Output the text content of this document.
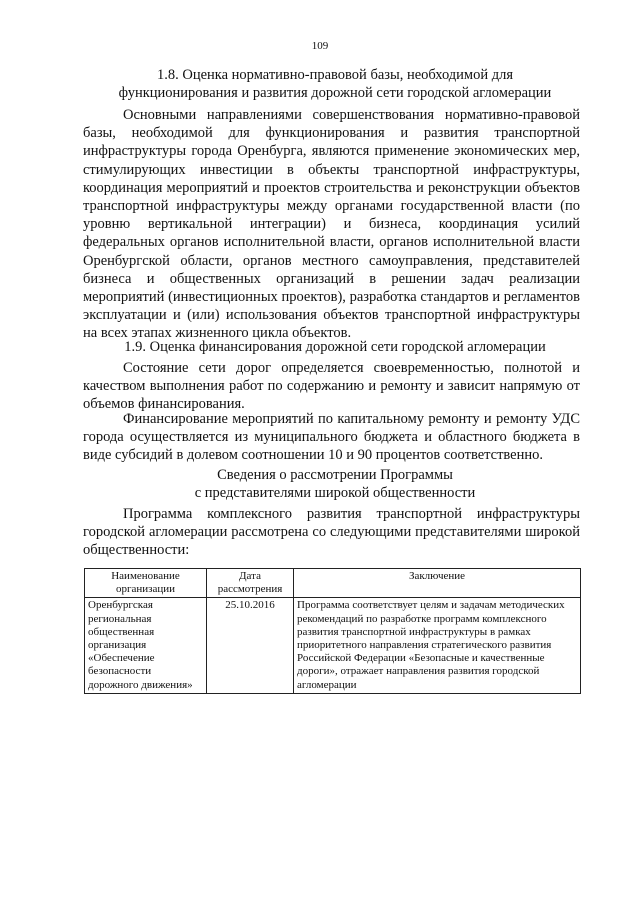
109
1.8. Оценка нормативно-правовой базы, необходимой для
функционирования и развития дорожной сети городской агломерации

Основными направлениями совершенствования нормативно-правовой базы, необходимой для функционирования и развития транспортной инфраструктуры города Оренбурга, являются применение экономических мер, стимулирующих инвестиции в объекты транспортной инфраструктуры, координация мероприятий и проектов строительства и реконструкции объектов транспортной инфраструктуры между органами государственной власти (по уровню вертикальной интеграции) и бизнеса, координация усилий федеральных органов исполнительной власти, органов исполнительной власти Оренбургской области, органов местного самоуправления, представителей бизнеса и общественных организаций в решении задач реализации мероприятий (инвестиционных проектов), разработка стандартов и регламентов эксплуатации и (или) использования объектов транспортной инфраструктуры на всех этапах жизненного цикла объектов.

1.9. Оценка финансирования дорожной сети городской агломерации

Состояние сети дорог определяется своевременностью, полнотой и качеством выполнения работ по содержанию и ремонту и зависит напрямую от объемов финансирования.

Финансирование мероприятий по капитальному ремонту и ремонту УДС города осуществляется из муниципального бюджета и областного бюджета в виде субсидий в долевом соотношении 10 и 90 процентов соответственно.

Сведения о рассмотрении Программы
с представителями широкой общественности

Программа комплексного развития транспортной инфраструктуры городской агломерации рассмотрена со следующими представителями широкой общественности:

Наименование организации	Дата рассмотрения	Заключение
Оренбургская региональная общественная организация «Обеспечение безопасности дорожного движения»	25.10.2016	Программа соответствует целям и задачам методических рекомендаций по разработке программ комплексного развития транспортной инфраструктуры в рамках приоритетного направления стратегического развития Российской Федерации «Безопасные и качественные дороги», отражает направления развития городской агломерации
